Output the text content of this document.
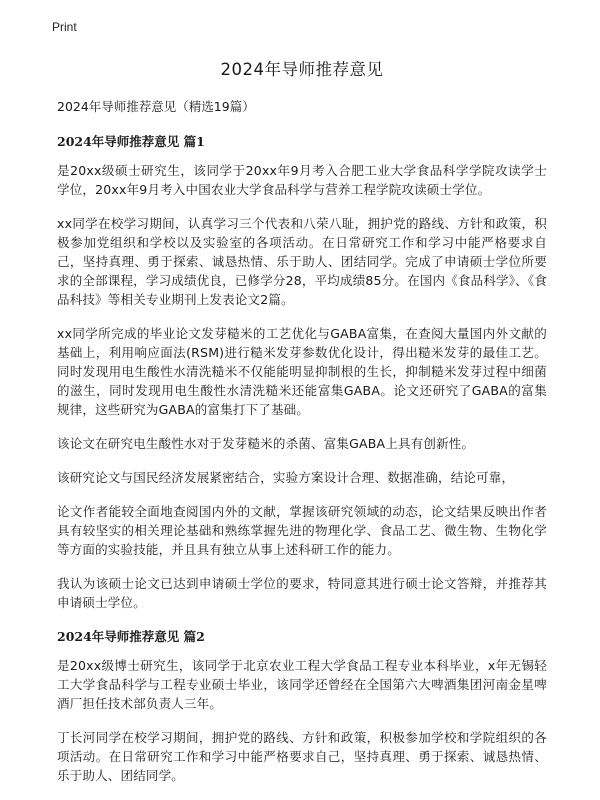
Print
2024年导师推荐意见
2024年导师推荐意见（精选19篇）
2024年导师推荐意见 篇1

是20xx级硕士研究生，该同学于20xx年9月考入合肥工业大学食品科学学院攻读学士学位，20xx年9月考入中国农业大学食品科学与营养工程学院攻读硕士学位。

xx同学在校学习期间，认真学习三个代表和八荣八耻，拥护党的路线、方针和政策，积极参加党组织和学校以及实验室的各项活动。在日常研究工作和学习中能严格要求自己，坚持真理、勇于探索、诚恳热情、乐于助人、团结同学。完成了申请硕士学位所要求的全部课程，学习成绩优良，已修学分28，平均成绩85分。在国内《食品科学》、《食品科技》等相关专业期刊上发表论文2篇。

xx同学所完成的毕业论文发芽糙米的工艺优化与GABA富集，在查阅大量国内外文献的基础上，利用响应面法(RSM)进行糙米发芽参数优化设计，得出糙米发芽的最佳工艺。同时发现用电生酸性水清洗糙米不仅能能明显抑制根的生长，抑制糙米发芽过程中细菌的滋生，同时发现用电生酸性水清洗糙米还能富集GABA。论文还研究了GABA的富集规律，这些研究为GABA的富集打下了基础。

该论文在研究电生酸性水对于发芽糙米的杀菌、富集GABA上具有创新性。

该研究论文与国民经济发展紧密结合，实验方案设计合理、数据准确，结论可靠，

论文作者能较全面地查阅国内外的文献，掌握该研究领域的动态，论文结果反映出作者具有较坚实的相关理论基础和熟练掌握先进的物理化学、食品工艺、微生物、生物化学等方面的实验技能，并且具有独立从事上述科研工作的能力。

我认为该硕士论文已达到申请硕士学位的要求，特同意其进行硕士论文答辩，并推荐其申请硕士学位。

2024年导师推荐意见 篇2

是20xx级博士研究生，该同学于北京农业工程大学食品工程专业本科毕业，x年无锡轻工大学食品科学与工程专业硕士毕业，该同学还曾经在全国第六大啤酒集团河南金星啤酒厂担任技术部负责人三年。

丁长河同学在校学习期间，拥护党的路线、方针和政策，积极参加学校和学院组织的各项活动。在日常研究工作和学习中能严格要求自己，坚持真理、勇于探索、诚恳热情、乐于助人、团结同学。
